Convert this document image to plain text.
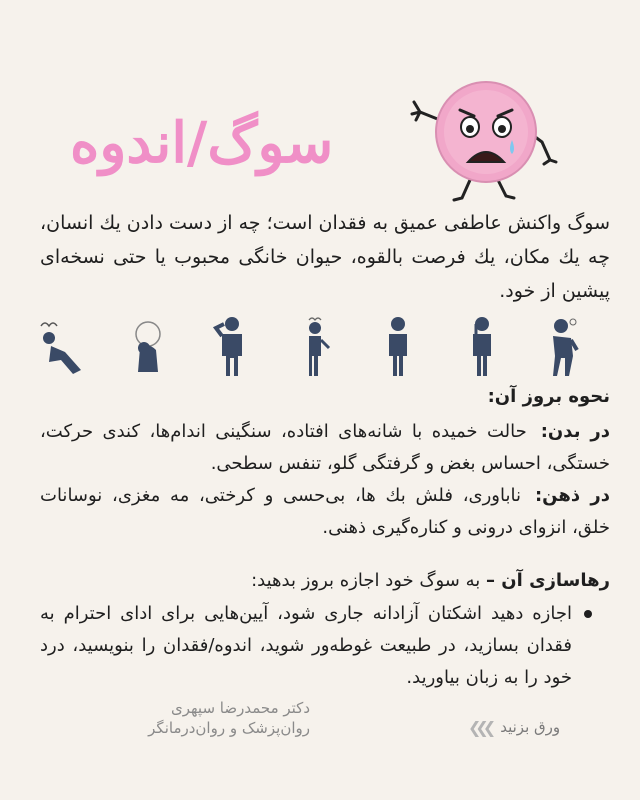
سوگ/اندوه
سوگ واکنش عاطفی عمیق به فقدان است؛ چه از دست دادن یك انسان، چه یك مکان، یك فرصت بالقوه، حیوان خانگی محبوب یا حتی نسخه‌ای پیشین از خود.
نحوه بروز آن:
در بدن:حالت خمیده با شانه‌های افتاده، سنگینی اندام‌ها، کندی حرکت، خستگی، احساس بغض و گرفتگی گلو، تنفس سطحی.
در ذهن:ناباوری، فلش بك ها، بی‌حسی و کرختی، مه مغزی، نوسانات خلق، انزوای درونی و کناره‌گیری ذهنی.
رهاسازی آن – به سوگ خود اجازه بروز بدهید:
اجازه دهید اشکتان آزادانه جاری شود، آیین‌هایی برای ادای احترام به فقدان بسازید، در طبیعت غوطه‌ور شوید، اندوه/فقدان را بنویسید، درد خود را به زبان بیاورید.
دکتر محمدرضا سپهری
روان‌پزشک و روان‌درمانگر	❮❮❮ ورق بزنید
